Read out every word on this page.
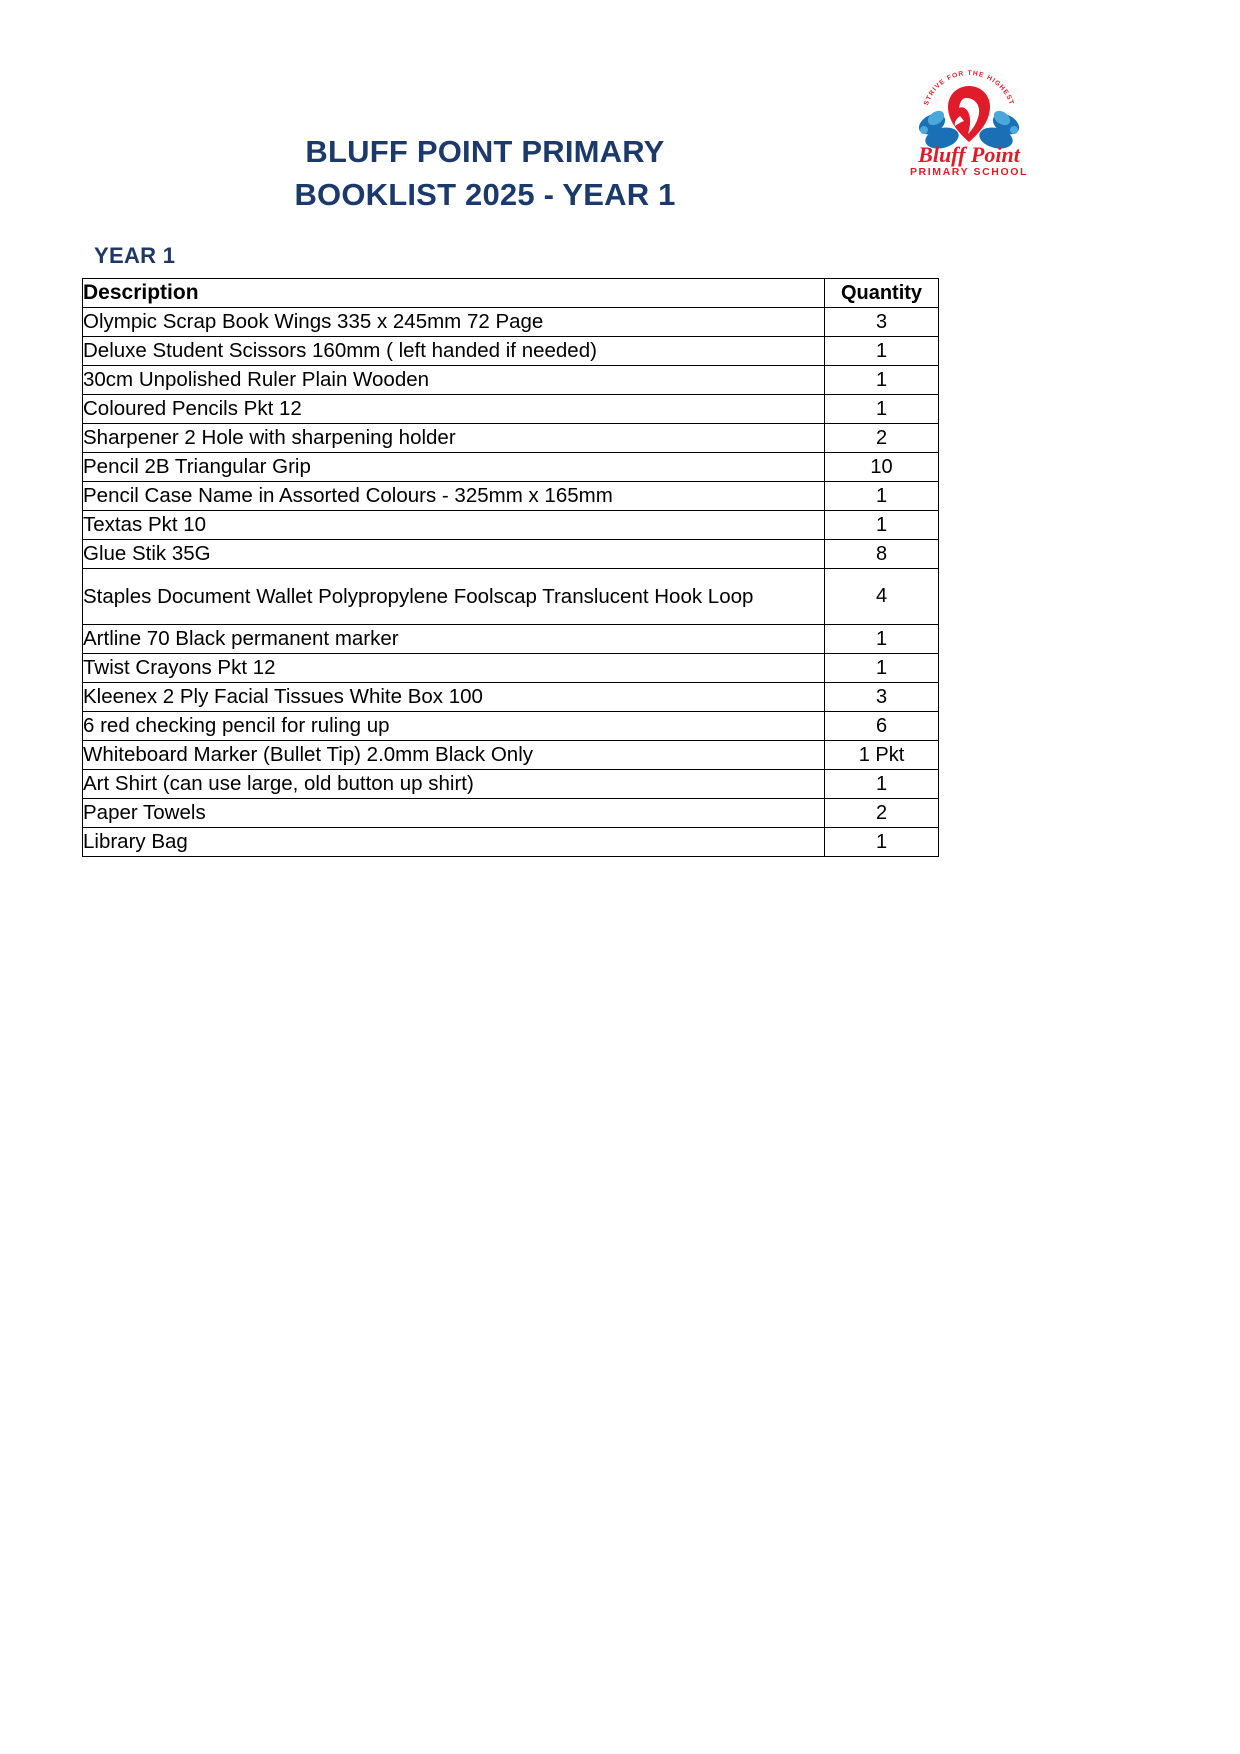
STRIVE FOR THE HIGHEST
Bluff Point
PRIMARY SCHOOL
BLUFF POINT PRIMARY
BOOKLIST 2025 - YEAR 1
YEAR 1
Description	Quantity
Olympic Scrap Book Wings 335 x 245mm 72 Page	3
Deluxe Student Scissors 160mm ( left handed if needed)	1
30cm Unpolished Ruler Plain Wooden	1
Coloured Pencils Pkt 12	1
Sharpener 2 Hole with sharpening holder	2
Pencil 2B Triangular Grip	10
Pencil Case Name in Assorted Colours - 325mm x 165mm	1
Textas Pkt 10	1
Glue Stik 35G	8
Staples Document Wallet Polypropylene Foolscap Translucent Hook Loop	4
Artline 70 Black permanent marker	1
Twist Crayons Pkt 12	1
Kleenex 2 Ply Facial Tissues White Box 100	3
6 red checking pencil for ruling up	6
Whiteboard Marker (Bullet Tip) 2.0mm Black Only	1 Pkt
Art Shirt (can use large, old button up shirt)	1
Paper Towels	2
Library Bag	1
